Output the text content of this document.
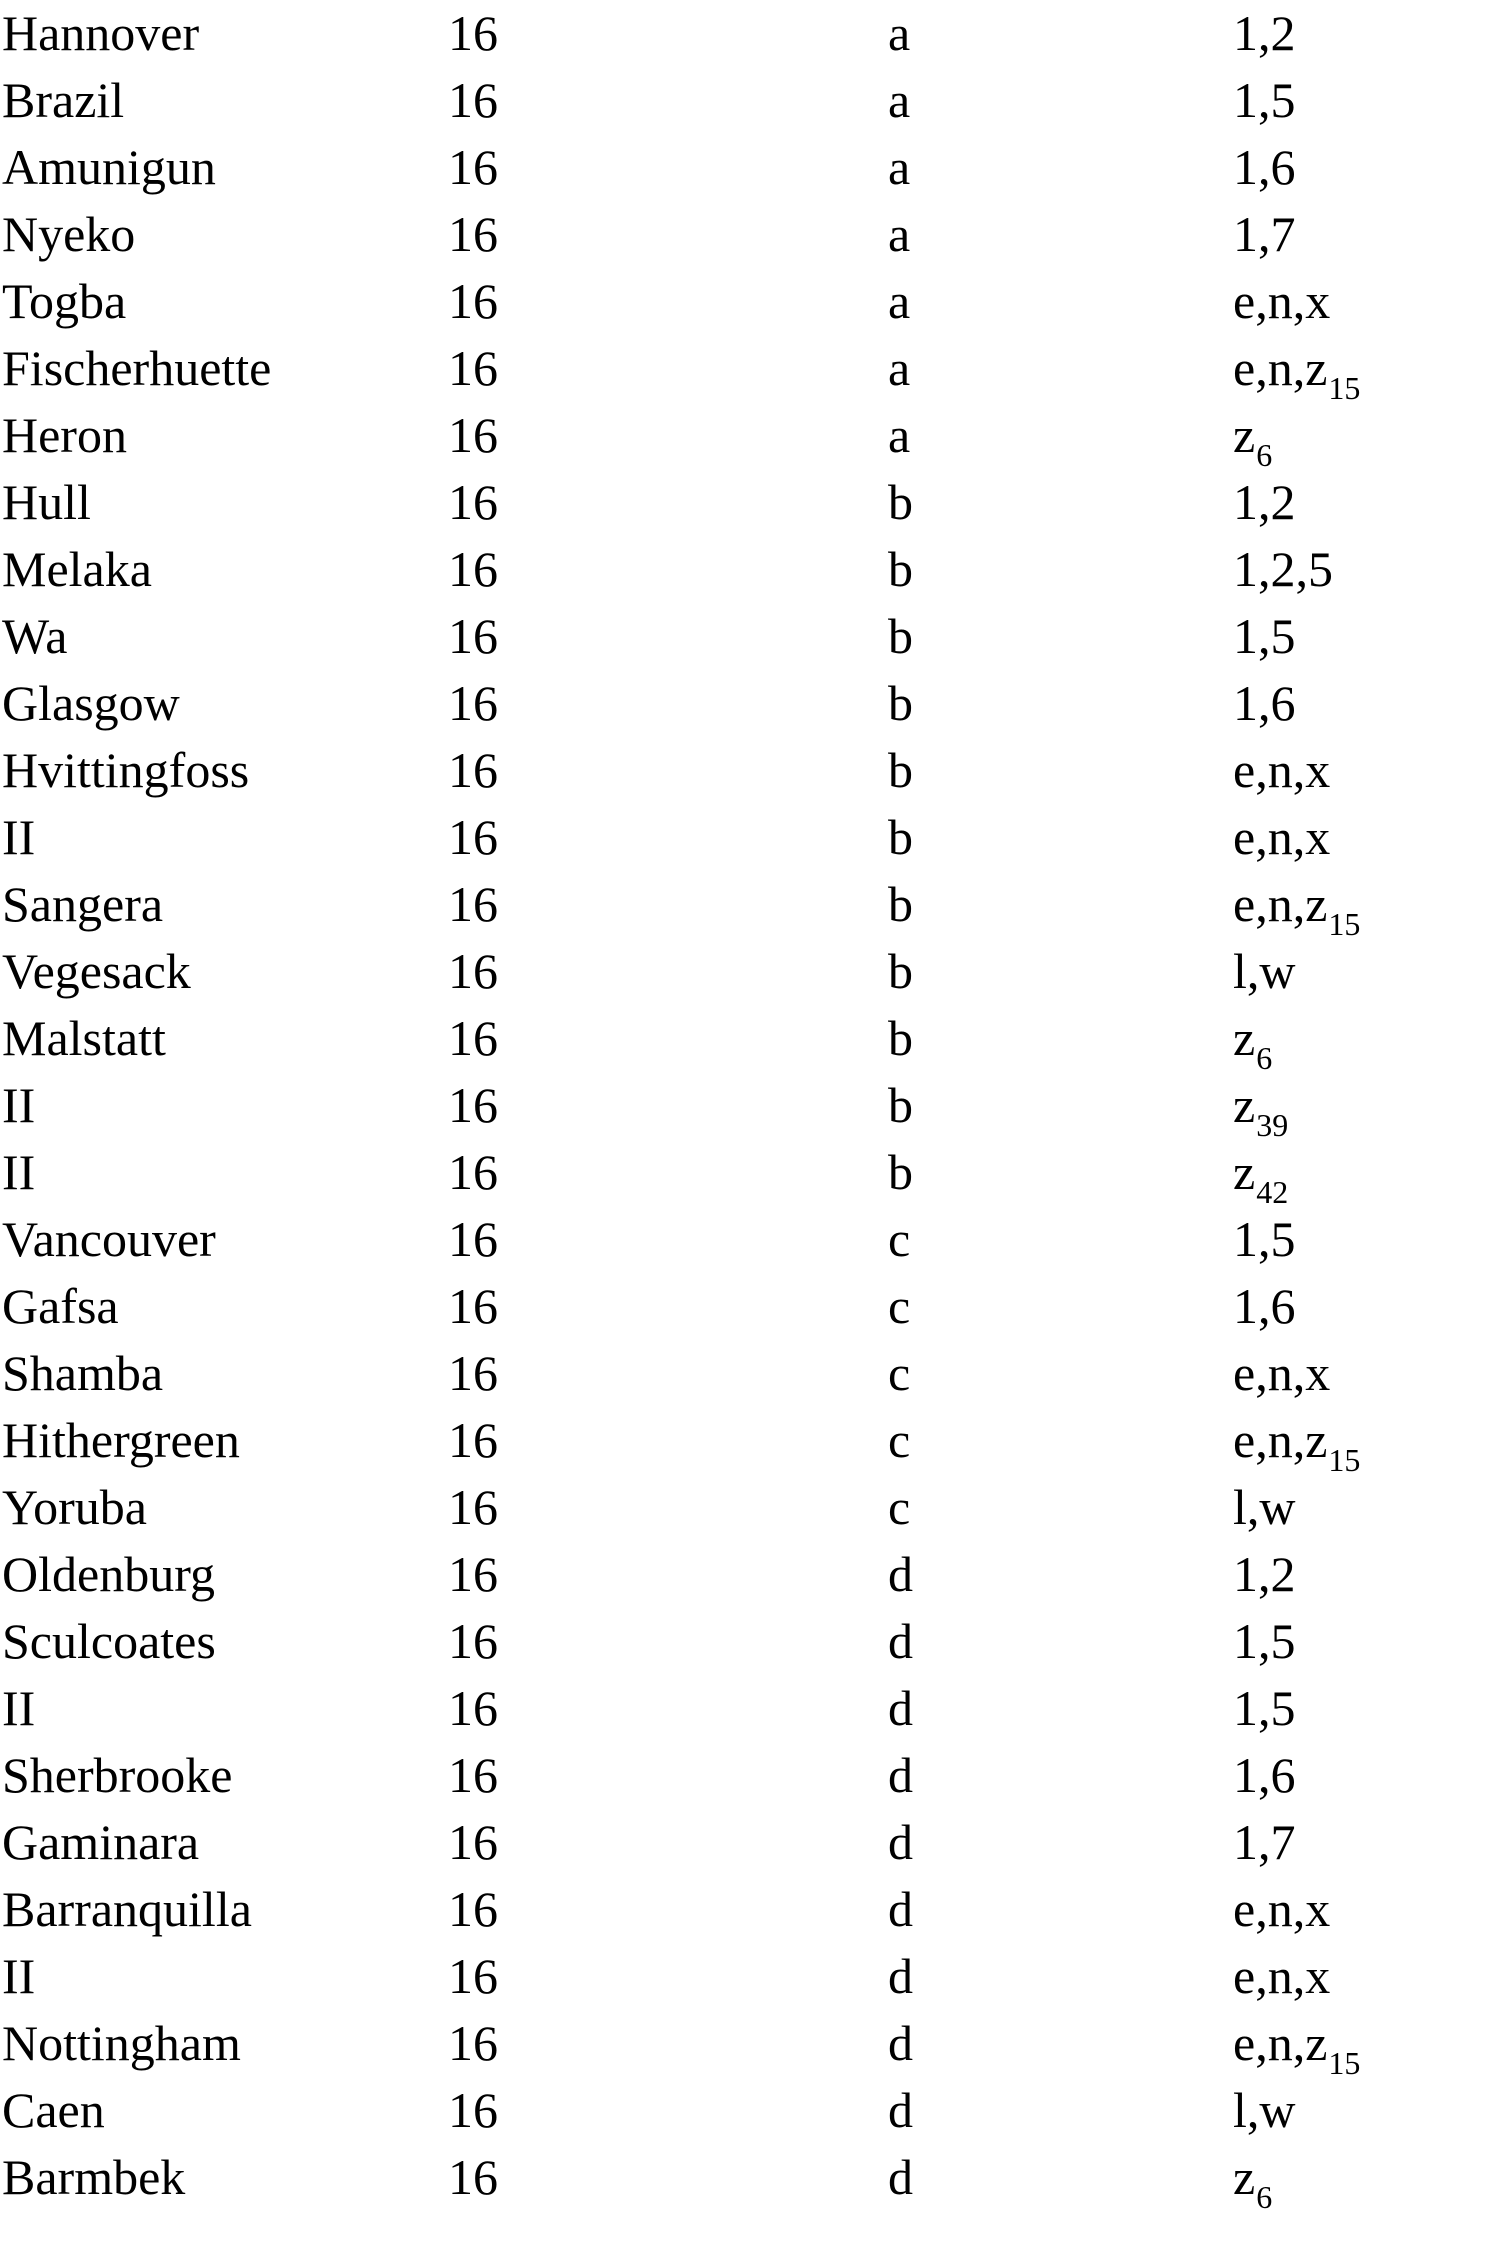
Hannover	16	a	1,2
Brazil	16	a	1,5
Amunigun	16	a	1,6
Nyeko	16	a	1,7
Togba	16	a	e,n,x
Fischerhuette	16	a	$e,n,z_{15}$
Heron	16	a	$z_6$
Hull	16	b	1,2
Melaka	16	b	1,2,5
Wa	16	b	1,5
Glasgow	16	b	1,6
Hvittingfoss	16	b	e,n,x
II	16	b	e,n,x
Sangera	16	b	$e,n,z_{15}$
Vegesack	16	b	l,w
Malstatt	16	b	$z_6$
II	16	b	$z_{39}$
II	16	b	$z_{42}$
Vancouver	16	c	1,5
Gafsa	16	c	1,6
Shamba	16	c	e,n,x
Hithergreen	16	c	$e,n,z_{15}$
Yoruba	16	c	l,w
Oldenburg	16	d	1,2
Sculcoates	16	d	1,5
II	16	d	1,5
Sherbrooke	16	d	1,6
Gaminara	16	d	1,7
Barranquilla	16	d	e,n,x
II	16	d	e,n,x
Nottingham	16	d	$e,n,z_{15}$
Caen	16	d	l,w
Barmbek	16	d	$z_6$
